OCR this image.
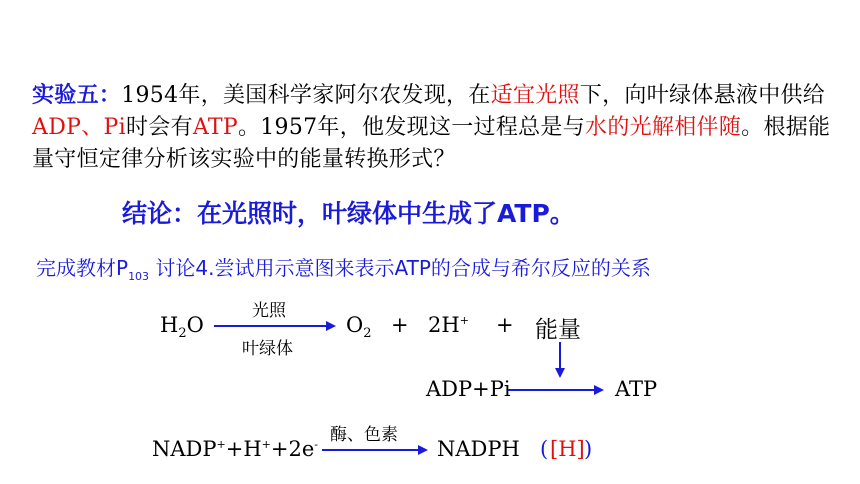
实验五：1954年，美国科学家阿尔农发现，在适宜光照下，向叶绿体悬液中供给ADP、Pi时会有ATP。1957年，他发现这一过程总是与水的光解相伴随。根据能量守恒定律分析该实验中的能量转换形式？
结论：在光照时，叶绿体中生成了ATP。
完成教材$P_{103}$ 讨论4.尝试用示意图来表示ATP的合成与希尔反应的关系
$H_2O$
光照
叶绿体
$O_2 + 2H^+$ + 能量
ADP+Pi	ATP
NADP++H++2e- 酶、色素
NADPH ( [H] )
